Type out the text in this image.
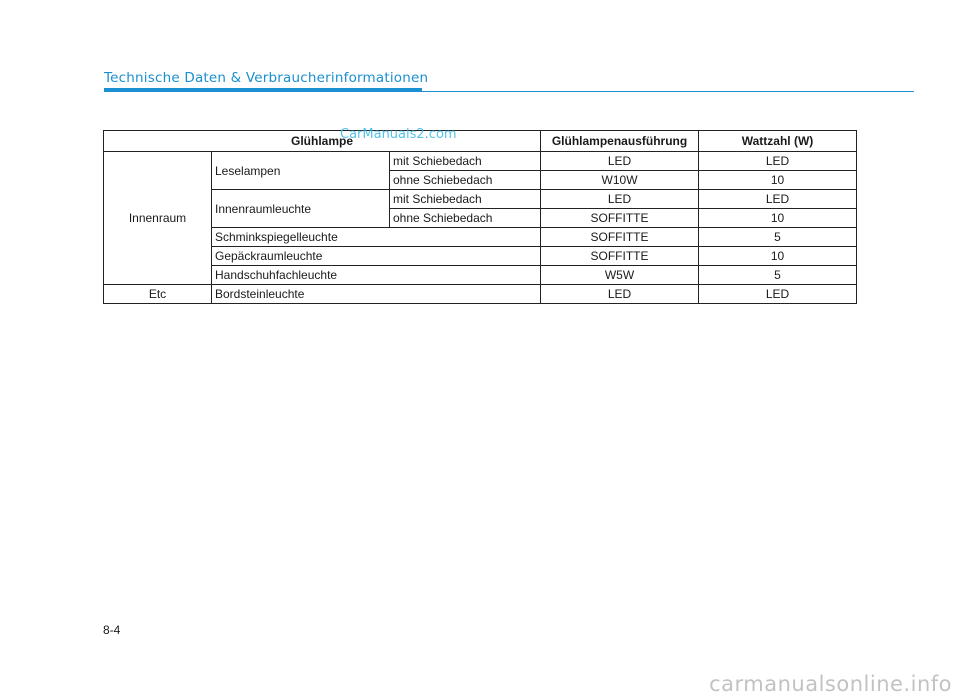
Technische Daten & Verbraucherinformationen
Glühlampe			Glühlampenausführung	Wattzahl (W)
Innenraum	Leselampen	mit Schiebedach	LED	LED
		ohne Schiebedach	W10W	10
	Innenraumleuchte	mit Schiebedach	LED	LED
		ohne Schiebedach	SOFFITTE	10
	Schminkspiegelleuchte		SOFFITTE	5
	Gepäckraumleuchte		SOFFITTE	10
	Handschuhfachleuchte		W5W	5
Etc	Bordsteinleuchte		LED	LED
CarManuals2.com
8-4
carmanualsonline.info
